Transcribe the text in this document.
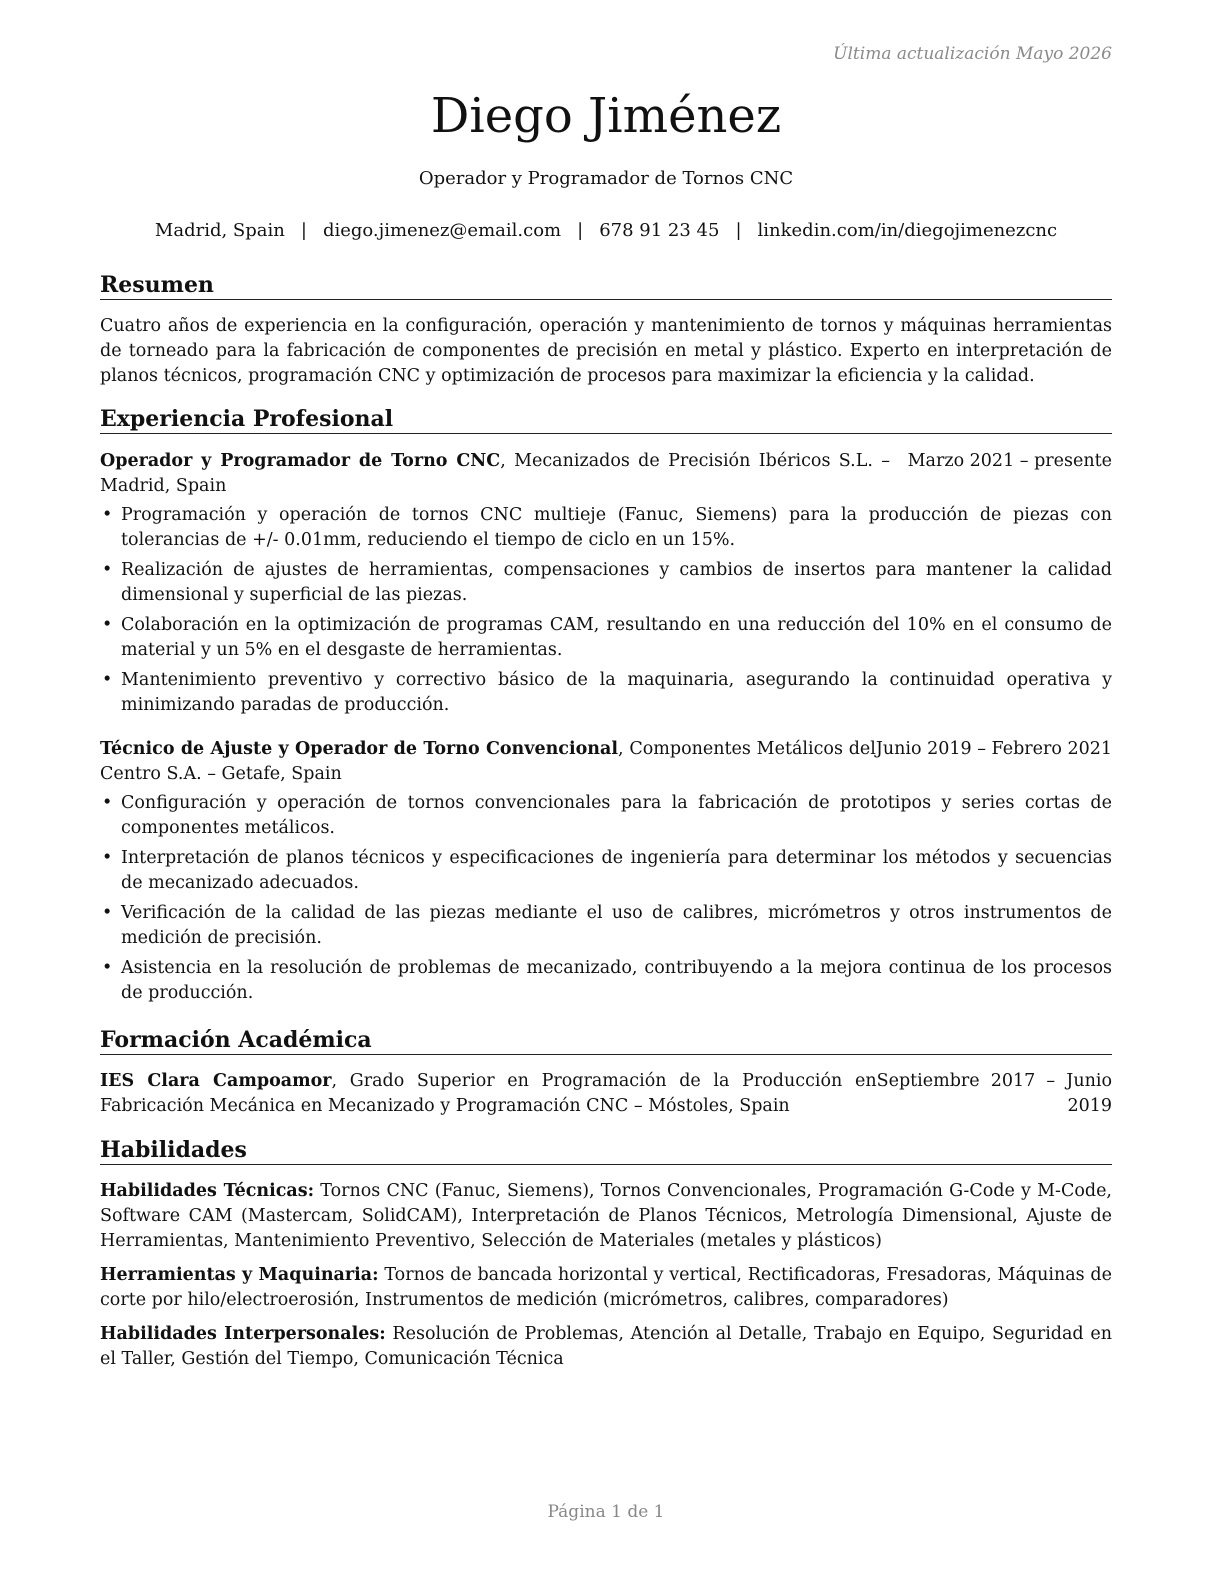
Última actualización Mayo 2026
Diego Jiménez
Operador y Programador de Tornos CNC
Madrid, Spain | diego.jimenez@email.com | 678 91 23 45 | linkedin.com/in/diegojimenezcnc
Resumen
Cuatro años de experiencia en la configuración, operación y mantenimiento de tornos y máquinas herramientas de torneado para la fabricación de componentes de precisión en metal y plástico. Experto en interpretación de planos técnicos, programación CNC y optimización de procesos para maximizar la eficiencia y la calidad.
Experiencia Profesional
Operador y Programador de Torno CNC, Mecanizados de Precisión Ibéricos S.L. – Madrid, Spain
Marzo 2021 – presente
• Programación y operación de tornos CNC multieje (Fanuc, Siemens) para la producción de piezas con tolerancias de +/- 0.01mm, reduciendo el tiempo de ciclo en un 15%.
• Realización de ajustes de herramientas, compensaciones y cambios de insertos para mantener la calidad dimensional y superficial de las piezas.
• Colaboración en la optimización de programas CAM, resultando en una reducción del 10% en el consumo de material y un 5% en el desgaste de herramientas.
• Mantenimiento preventivo y correctivo básico de la maquinaria, asegurando la continuidad operativa y minimizando paradas de producción.
Técnico de Ajuste y Operador de Torno Convencional, Componentes Metálicos del Centro S.A. – Getafe, Spain
Junio 2019 – Febrero 2021
• Configuración y operación de tornos convencionales para la fabricación de prototipos y series cortas de componentes metálicos.
• Interpretación de planos técnicos y especificaciones de ingeniería para determinar los métodos y secuencias de mecanizado adecuados.
• Verificación de la calidad de las piezas mediante el uso de calibres, micrómetros y otros instrumentos de medición de precisión.
• Asistencia en la resolución de problemas de mecanizado, contribuyendo a la mejora continua de los procesos de producción.
Formación Académica
IES Clara Campoamor, Grado Superior en Programación de la Producción en Fabricación Mecánica en Mecanizado y Programación CNC – Móstoles, Spain
Septiembre  2017  –  Junio
2019
Habilidades
Habilidades Técnicas: Tornos CNC (Fanuc, Siemens), Tornos Convencionales, Programación G-Code y M-Code, Software CAM (Mastercam, SolidCAM), Interpretación de Planos Técnicos, Metrología Dimensional, Ajuste de Herramientas, Mantenimiento Preventivo, Selección de Materiales (metales y plásticos)
Herramientas y Maquinaria: Tornos de bancada horizontal y vertical, Rectificadoras, Fresadoras, Máquinas de corte por hilo/electroerosión, Instrumentos de medición (micrómetros, calibres, comparadores)
Habilidades Interpersonales: Resolución de Problemas, Atención al Detalle, Trabajo en Equipo, Seguridad en el Taller, Gestión del Tiempo, Comunicación Técnica
Página 1 de 1
